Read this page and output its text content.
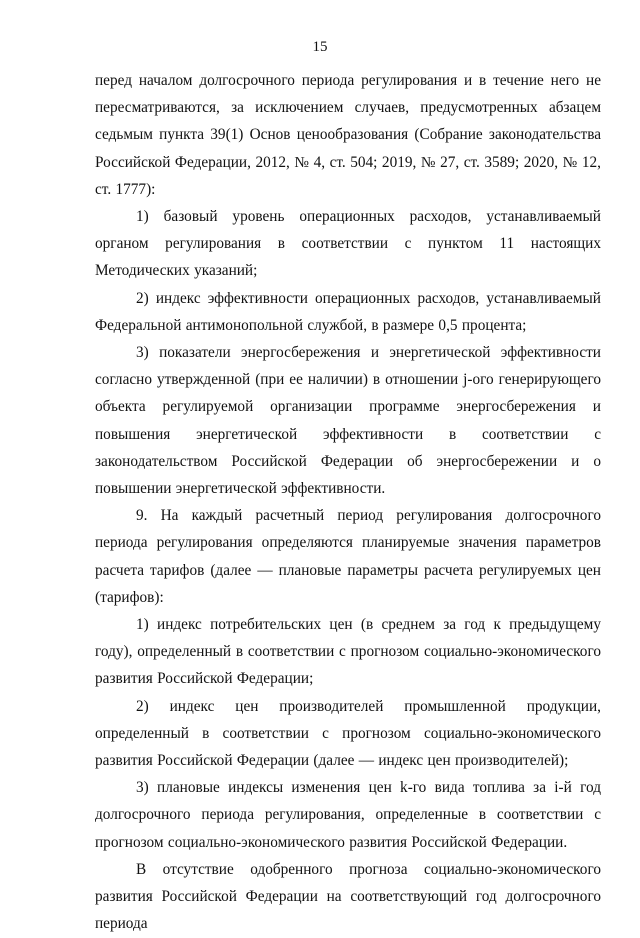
15

перед началом долгосрочного периода регулирования и в течение него не пересматриваются, за исключением случаев, предусмотренных абзацем седьмым пункта 39(1) Основ ценообразования (Собрание законодательства Российской Федерации, 2012, № 4, ст. 504; 2019, № 27, ст. 3589; 2020, № 12, ст. 1777):

1) базовый уровень операционных расходов, устанавливаемый органом регулирования в соответствии с пунктом 11 настоящих Методических указаний;

2) индекс эффективности операционных расходов, устанавливаемый Федеральной антимонопольной службой, в размере 0,5 процента;

3) показатели энергосбережения и энергетической эффективности согласно утвержденной (при ее наличии) в отношении j-ого генерирующего объекта регулируемой организации программе энергосбережения и повышения энергетической эффективности в соответствии с законодательством Российской Федерации об энергосбережении и о повышении энергетической эффективности.

9. На каждый расчетный период регулирования долгосрочного периода регулирования определяются планируемые значения параметров расчета тарифов (далее — плановые параметры расчета регулируемых цен (тарифов):

1) индекс потребительских цен (в среднем за год к предыдущему году), определенный в соответствии с прогнозом социально-экономического развития Российской Федерации;

2) индекс цен производителей промышленной продукции, определенный в соответствии с прогнозом социально-экономического развития Российской Федерации (далее — индекс цен производителей);

3) плановые индексы изменения цен k-го вида топлива за i-й год долгосрочного периода регулирования, определенные в соответствии с прогнозом социально-экономического развития Российской Федерации.

В отсутствие одобренного прогноза социально-экономического развития Российской Федерации на соответствующий год долгосрочного периода
